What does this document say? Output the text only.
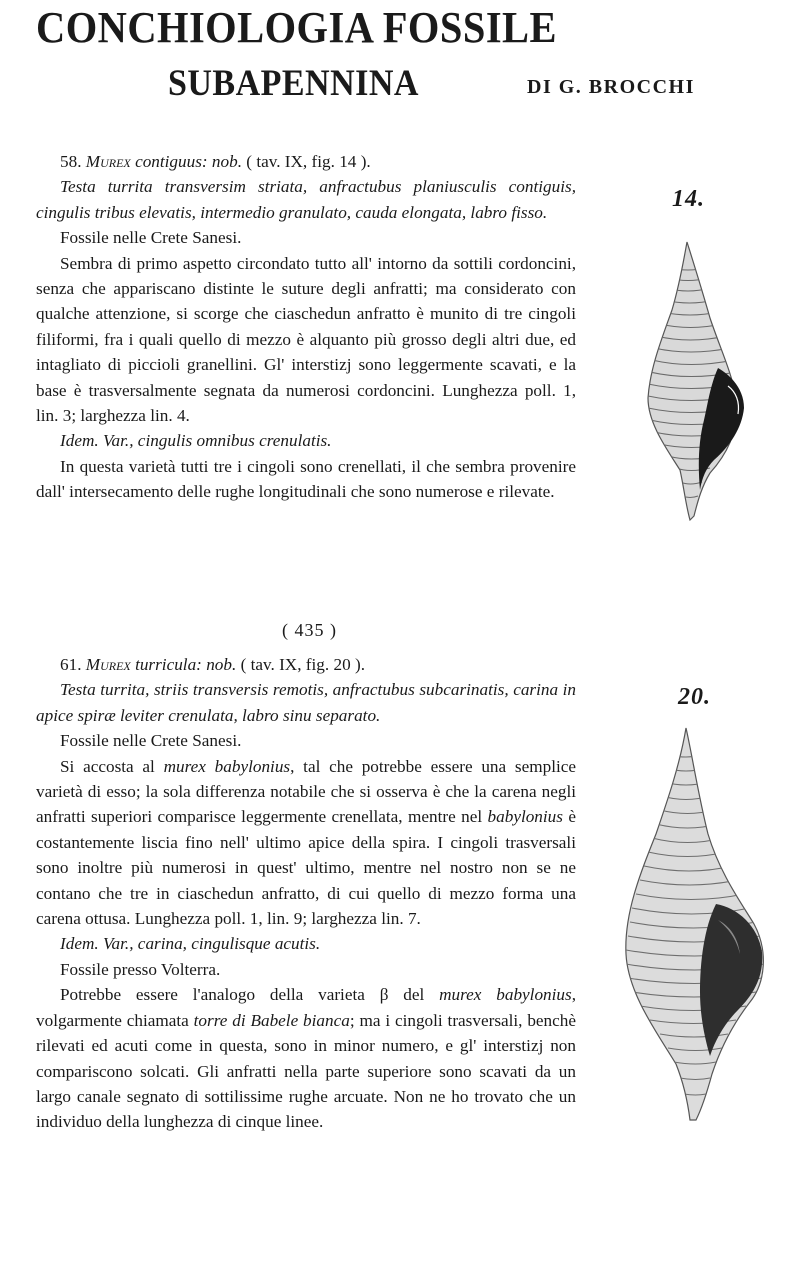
CONCHIOLOGIA FOSSILE
SUBAPENNINA	DI G. BROCCHI

58. Murex contiguus: nob. ( tav. IX, fig. 14 ).

Testa turrita transversim striata, anfractubus planiusculis contiguis, cingulis tribus elevatis, intermedio granulato, cauda elongata, labro fisso.

Fossile nelle Crete Sanesi.

Sembra di primo aspetto circondato tutto all' intorno da sottili cordoncini, senza che appariscano distinte le suture degli anfratti; ma considerato con qualche attenzione, si scorge che ciaschedun anfratto è munito di tre cingoli filiformi, fra i quali quello di mezzo è alquanto più grosso degli altri due, ed intagliato di piccioli granellini. Gl' interstizj sono leggermente scavati, e la base è trasversalmente segnata da numerosi cordoncini. Lunghezza poll. 1, lin. 3; larghezza lin. 4.

Idem. Var., cingulis omnibus crenulatis.

In questa varietà tutti tre i cingoli sono crenellati, il che sembra provenire dall' intersecamento delle rughe longitudinali che sono numerose e rilevate.

( 435 )

61. Murex turricula: nob. ( tav. IX, fig. 20 ).

Testa turrita, striis transversis remotis, anfractubus subcarinatis, carina in apice spiræ leviter crenulata, labro sinu separato.

Fossile nelle Crete Sanesi.

Si accosta al murex babylonius, tal che potrebbe essere una semplice varietà di esso; la sola differenza notabile che si osserva è che la carena negli anfratti superiori comparisce leggermente crenellata, mentre nel babylonius è costantemente liscia fino nell' ultimo apice della spira. I cingoli trasversali sono inoltre più numerosi in quest' ultimo, mentre nel nostro non se ne contano che tre in ciaschedun anfratto, di cui quello di mezzo forma una carena ottusa. Lunghezza poll. 1, lin. 9; larghezza lin. 7.

Idem. Var., carina, cingulisque acutis.

Fossile presso Volterra.

Potrebbe essere l'analogo della varieta β del murex babylonius, volgarmente chiamata torre di Babele bianca; ma i cingoli trasversali, benchè rilevati ed acuti come in questa, sono in minor numero, e gl' interstizj non compariscono solcati. Gli anfratti nella parte superiore sono scavati da un largo canale segnato di sottilissime rughe arcuate. Non ne ho trovato che un individuo della lunghezza di cinque linee.

14.
20.
